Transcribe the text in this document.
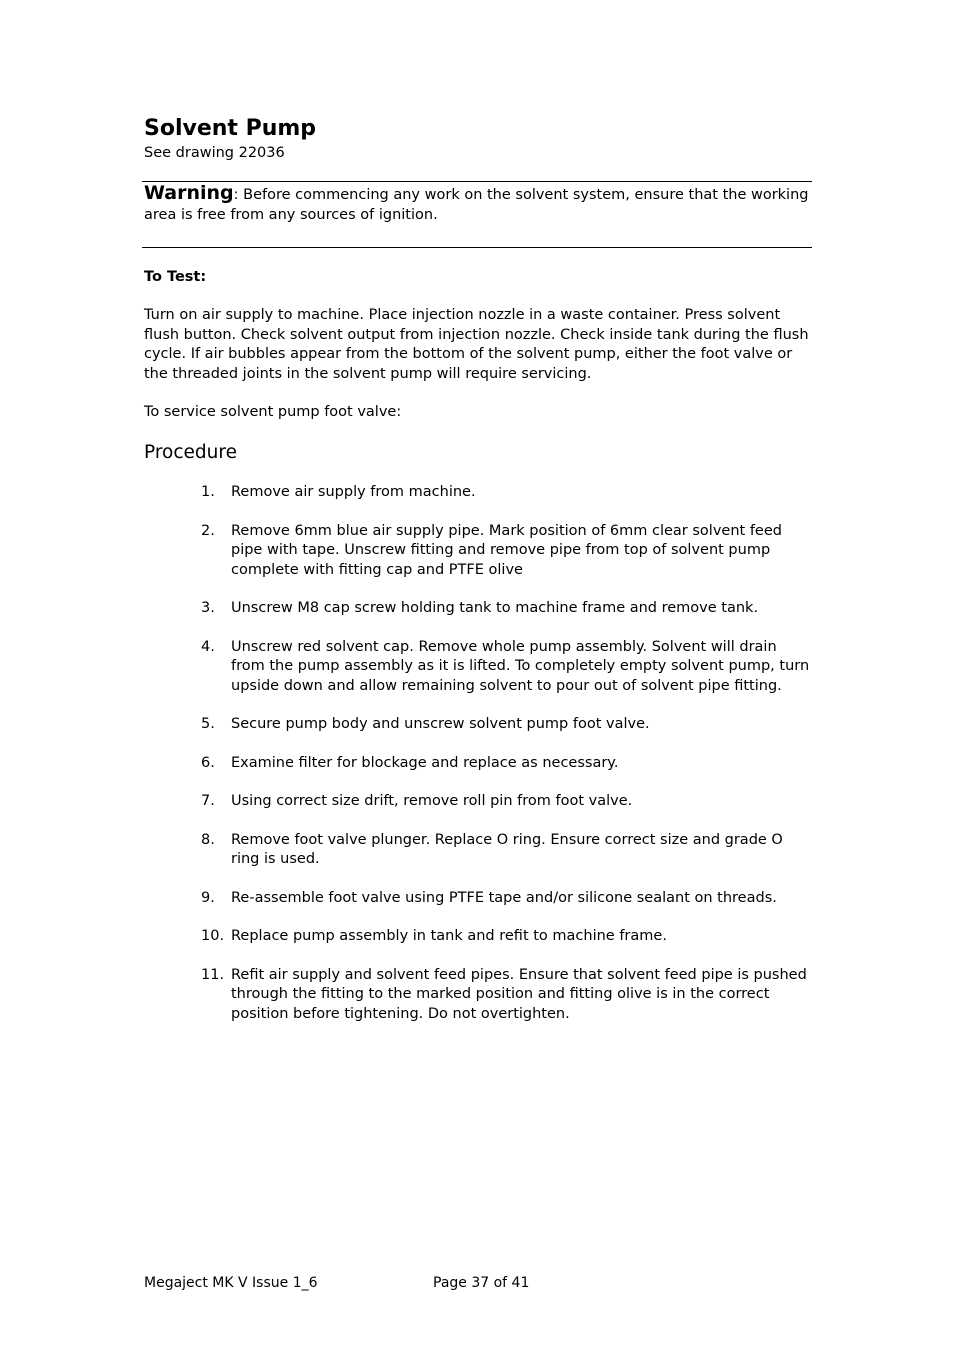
Solvent Pump
See drawing 22036
Warning: Before commencing any work on the solvent system, ensure that the working area is free from any sources of ignition.
To Test:
Turn on air supply to machine. Place injection nozzle in a waste container. Press solvent flush button. Check solvent output from injection nozzle. Check inside tank during the flush cycle. If air bubbles appear from the bottom of the solvent pump, either the foot valve or the threaded joints in the solvent pump will require servicing.
To service solvent pump foot valve:
Procedure
1. Remove air supply from machine.
2. Remove 6mm blue air supply pipe. Mark position of 6mm clear solvent feed pipe with tape. Unscrew fitting and remove pipe from top of solvent pump complete with fitting cap and PTFE olive
3. Unscrew M8 cap screw holding tank to machine frame and remove tank.
4. Unscrew red solvent cap. Remove whole pump assembly. Solvent will drain from the pump assembly as it is lifted. To completely empty solvent pump, turn upside down and allow remaining solvent to pour out of solvent pipe fitting.
5. Secure pump body and unscrew solvent pump foot valve.
6. Examine filter for blockage and replace as necessary.
7. Using correct size drift, remove roll pin from foot valve.
8. Remove foot valve plunger. Replace O ring. Ensure correct size and grade O ring is used.
9. Re-assemble foot valve using PTFE tape and/or silicone sealant on threads.
10. Replace pump assembly in tank and refit to machine frame.
11. Refit air supply and solvent feed pipes. Ensure that solvent feed pipe is pushed through the fitting to the marked position and fitting olive is in the correct position before tightening. Do not overtighten.
Megaject MK V Issue 1_6	Page 37 of 41
